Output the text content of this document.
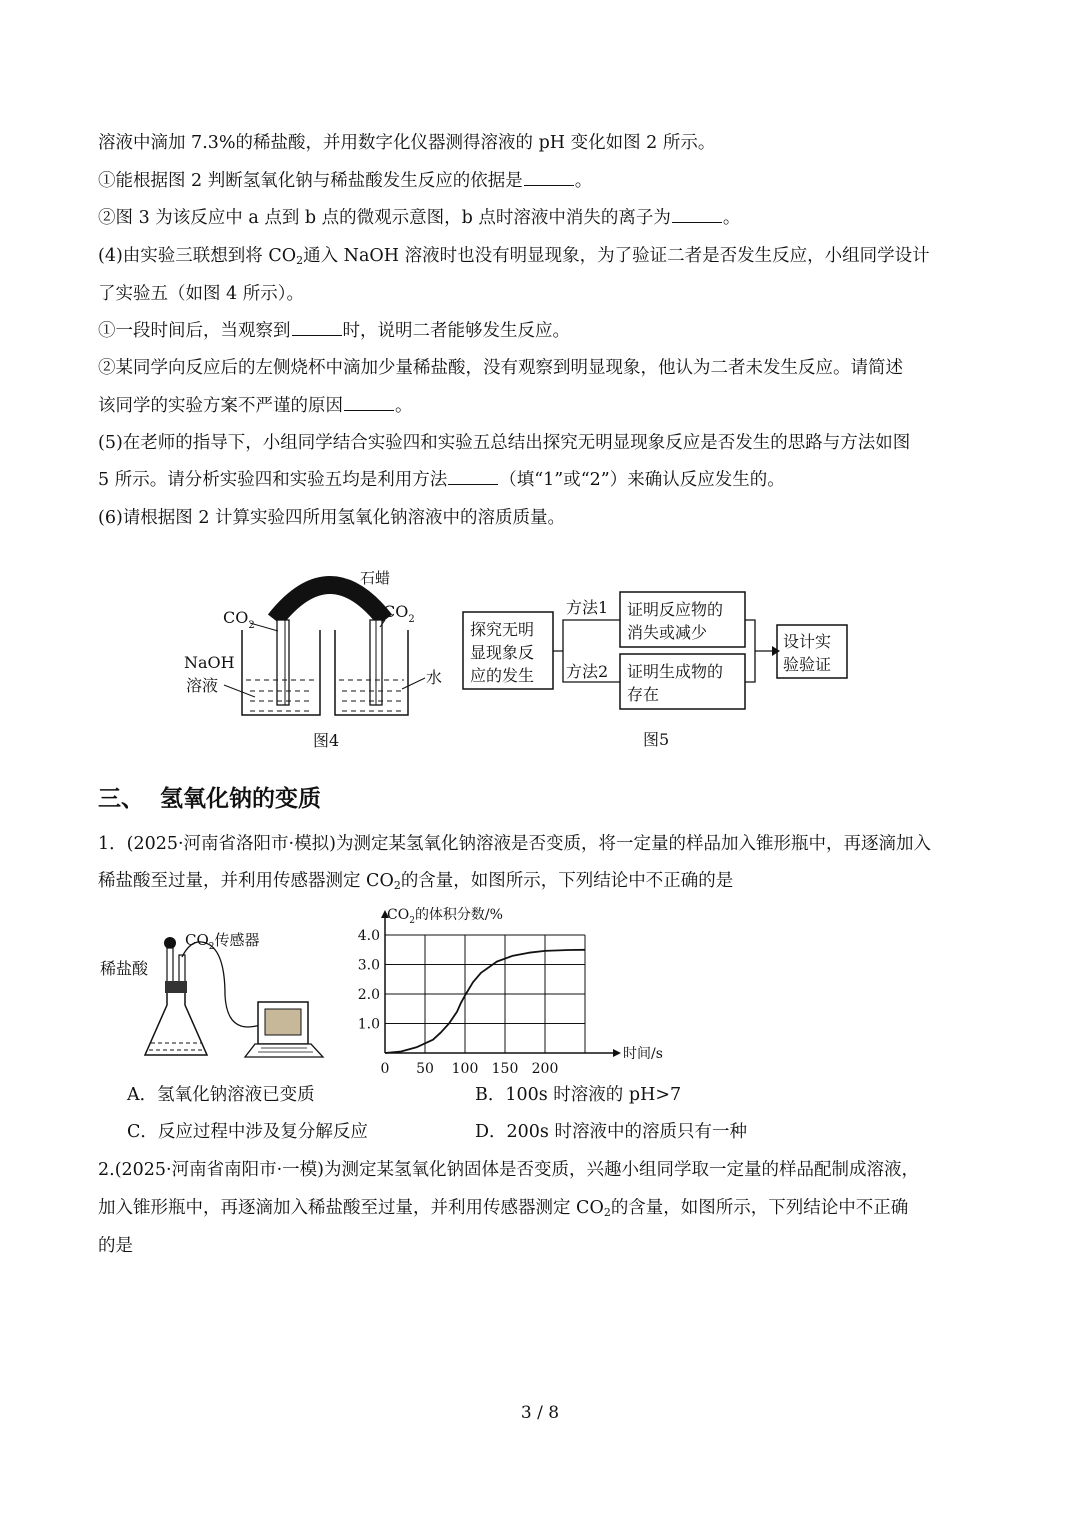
溶液中滴加 7.3%的稀盐酸，并用数字化仪器测得溶液的 pH 变化如图 2 所示。
①能根据图 2 判断氢氧化钠与稀盐酸发生反应的依据是	。
②图 3 为该反应中 a 点到 b 点的微观示意图，b 点时溶液中消失的离子为	。
(4)由实验三联想到将 $CO_2$通入 NaOH 溶液时也没有明显现象，为了验证二者是否发生反应，小组同学设计
了实验五（如图 4 所示）。
①一段时间后，当观察到	时，说明二者能够发生反应。
②某同学向反应后的左侧烧杯中滴加少量稀盐酸，没有观察到明显现象，他认为二者未发生反应。请简述
该同学的实验方案不严谨的原因	。
(5)在老师的指导下，小组同学结合实验四和实验五总结出探究无明显现象反应是否发生的思路与方法如图
5 所示。请分析实验四和实验五均是利用方法	（填“1”或“2”）来确认反应发生的。
(6)请根据图 2 计算实验四所用氢氧化钠溶液中的溶质质量。
石蜡
$CO_2$
$CO_2$
NaOH
溶液	水
图4
探究无明
显现象反
应的发生
方法1
方法2
证明反应物的
消失或减少
证明生成物的
存在
设计实
验验证
图5
三、 氢氧化钠的变质
1．(2025·河南省洛阳市·模拟)为测定某氢氧化钠溶液是否变质，将一定量的样品加入锥形瓶中，再逐滴加入
稀盐酸至过量，并利用传感器测定 $CO_2$的含量，如图所示，下列结论中不正确的是
稀盐酸
$CO_2$传感器
0 50 100 150 200
1.0
2.0
3.0
4.0
$CO_2$的体积分数/%
时间/s
A．氢氧化钠溶液已变质	B．100s 时溶液的 pH>7
C．反应过程中涉及复分解反应	D．200s 时溶液中的溶质只有一种
2.(2025·河南省南阳市·一模)为测定某氢氧化钠固体是否变质，兴趣小组同学取一定量的样品配制成溶液，
加入锥形瓶中，再逐滴加入稀盐酸至过量，并利用传感器测定 $CO_2$的含量，如图所示，下列结论中不正确
的是
3 / 8
